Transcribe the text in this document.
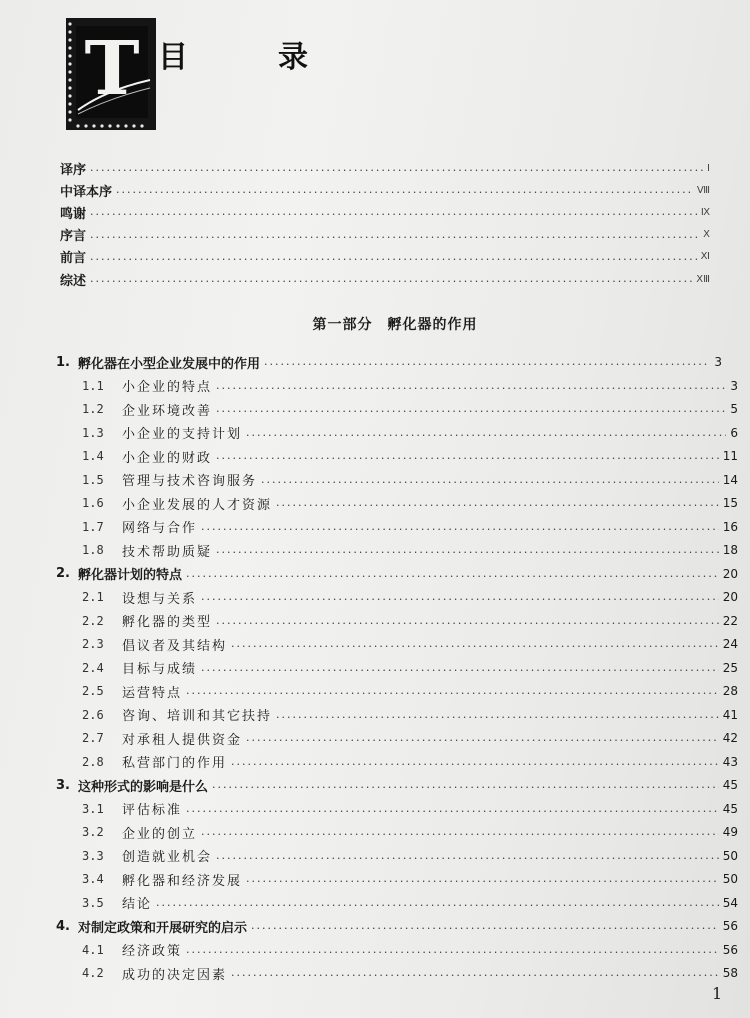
T 目　录
译序 .....	Ⅰ
中译本序 .....	Ⅷ
鸣谢 .....	Ⅸ
序言 .....	Ⅹ
前言 .....	Ⅺ
综述 .....	ⅩⅢ
第一部分　孵化器的作用
1. 孵化器在小型企业发展中的作用 .....	3
1.1	小企业的特点 .....	3
1.2	企业环境改善 .....	5
1.3	小企业的支持计划 .....	6
1.4	小企业的财政 .....	11
1.5	管理与技术咨询服务 .....	14
1.6	小企业发展的人才资源 .....	15
1.7	网络与合作 .....	16
1.8	技术帮助质疑 .....	18
2. 孵化器计划的特点 .....	20
2.1	设想与关系 .....	20
2.2	孵化器的类型 .....	22
2.3	倡议者及其结构 .....	24
2.4	目标与成绩 .....	25
2.5	运营特点 .....	28
2.6	咨询、培训和其它扶持 .....	41
2.7	对承租人提供资金 .....	42
2.8	私营部门的作用 .....	43
3. 这种形式的影响是什么 .....	45
3.1	评估标准 .....	45
3.2	企业的创立 .....	49
3.3	创造就业机会 .....	50
3.4	孵化器和经济发展 .....	50
3.5	结论 .....	54
4. 对制定政策和开展研究的启示 .....	56
4.1	经济政策 .....	56
4.2	成功的决定因素 .....	58
1
